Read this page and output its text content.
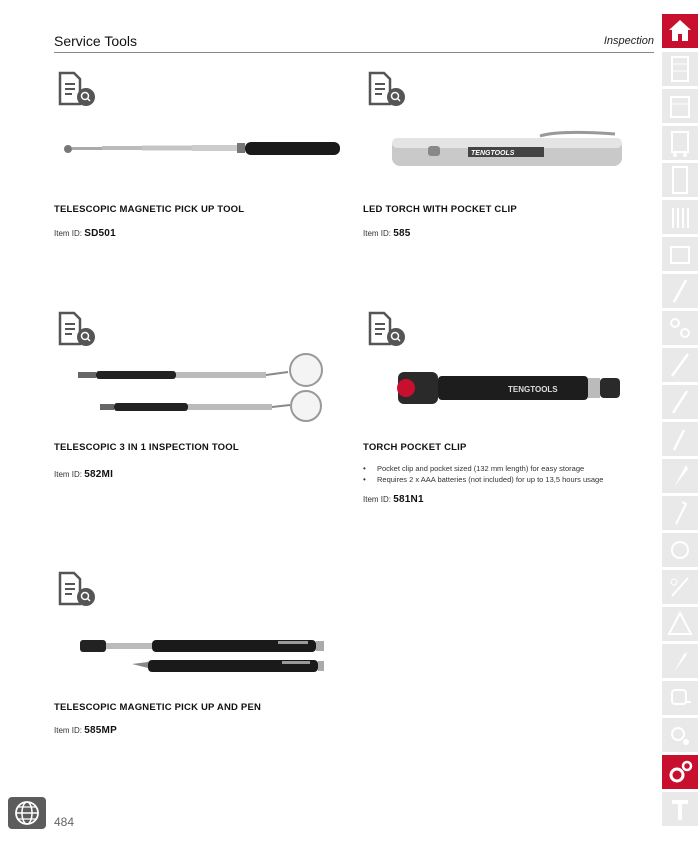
Service Tools	Inspection
TELESCOPIC MAGNETIC PICK UP TOOL
Item ID: SD501
TENGTOOLS
LED TORCH WITH POCKET CLIP
Item ID: 585
TELESCOPIC 3 IN 1 INSPECTION TOOL
Item ID: 582MI
TENGTOOLS
TORCH POCKET CLIP
• Pocket clip and pocket sized (132 mm length) for easy storage
• Requires 2 x AAA batteries (not included) for up to 13,5 hours usage
Item ID: 581N1
TELESCOPIC MAGNETIC PICK UP AND PEN
Item ID: 585MP
484
